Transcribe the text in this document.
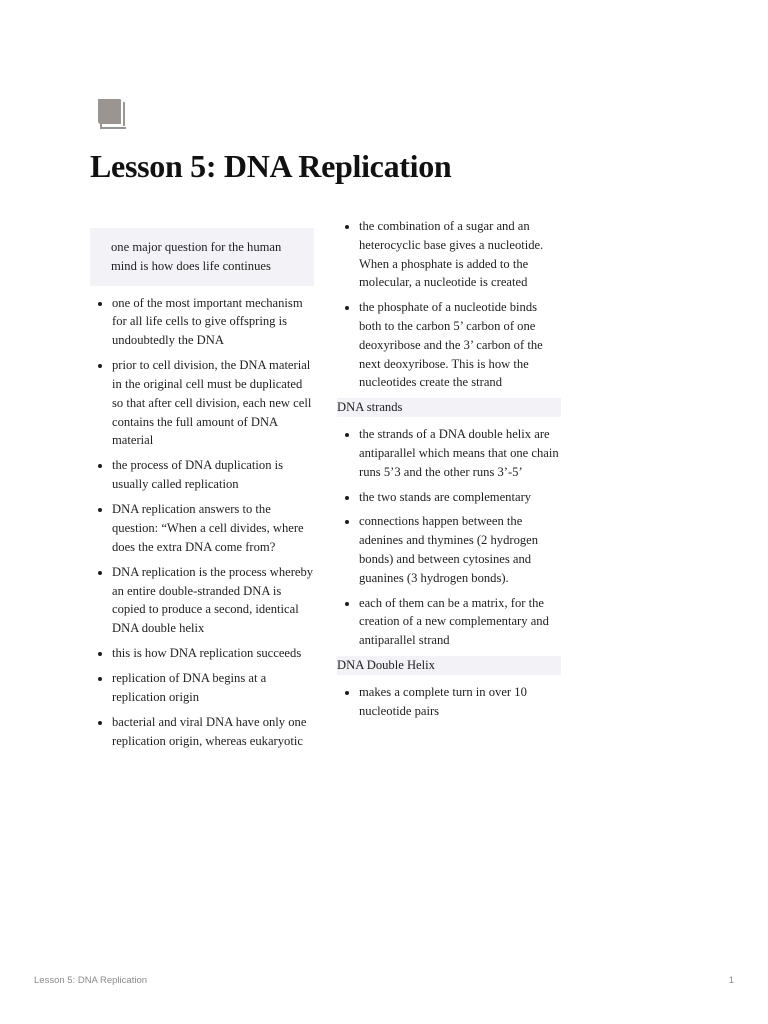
Lesson 5: DNA Replication
one major question for the human mind is how does life continues
one of the most important mechanism for all life cells to give offspring is undoubtedly the DNA
prior to cell division, the DNA material in the original cell must be duplicated so that after cell division, each new cell contains the full amount of DNA material
the process of DNA duplication is usually called replication
DNA replication answers to the question: “When a cell divides, where does the extra DNA come from?
DNA replication is the process whereby an entire double-stranded DNA is copied to produce a second, identical DNA double helix
this is how DNA replication succeeds
replication of DNA begins at a replication origin
bacterial and viral DNA have only one replication origin, whereas eukaryotic
the combination of a sugar and an heterocyclic base gives a nucleotide. When a phosphate is added to the molecular, a nucleotide is created
the phosphate of a nucleotide binds both to the carbon 5’ carbon of one deoxyribose and the 3’ carbon of the next deoxyribose. This is how the nucleotides create the strand
DNA strands
the strands of a DNA double helix are antiparallel which means that one chain runs 5’3 and the other runs 3’-5’
the two stands are complementary
connections happen between the adenines and thymines (2 hydrogen bonds) and between cytosines and guanines (3 hydrogen bonds).
each of them can be a matrix, for the creation of a new complementary and antiparallel strand
DNA Double Helix
makes a complete turn in over 10 nucleotide pairs
Lesson 5: DNA Replication	1
